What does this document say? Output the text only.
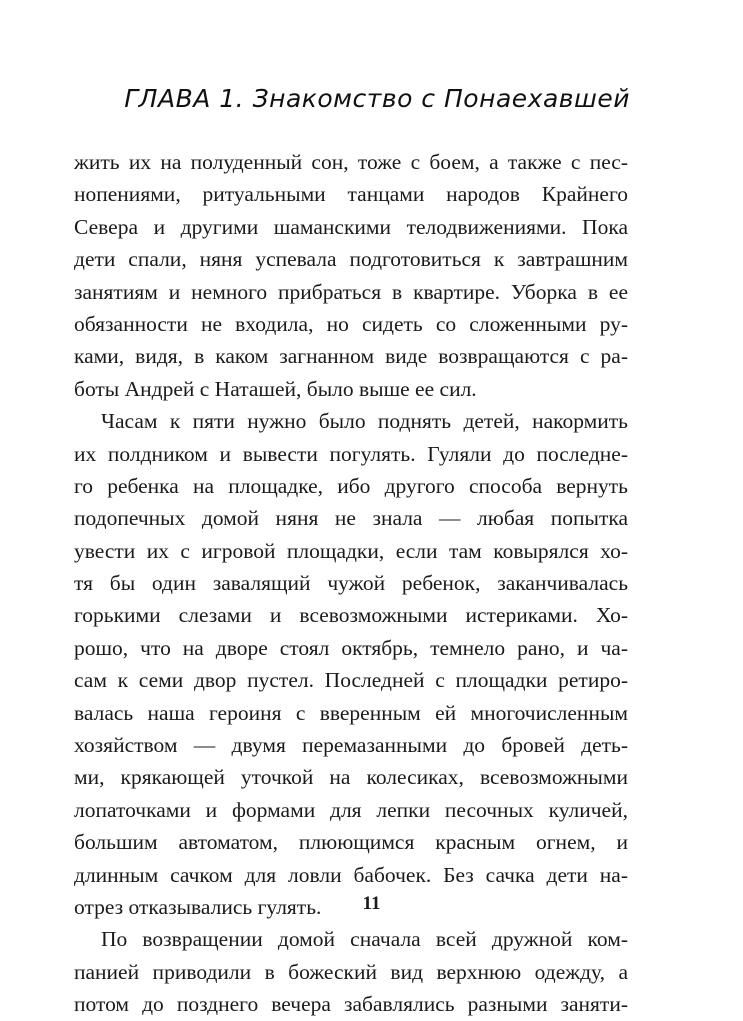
ГЛАВА 1. Знакомство с Понаехавшей
жить их на полуденный сон, тоже с боем, а также с пес-
нопениями, ритуальными танцами народов Крайнего
Севера и другими шаманскими телодвижениями. Пока
дети спали, няня успевала подготовиться к завтрашним
занятиям и немного прибраться в квартире. Уборка в ее
обязанности не входила, но сидеть со сложенными ру-
ками, видя, в каком загнанном виде возвращаются с ра-
боты Андрей с Наташей, было выше ее сил.
Часам к пяти нужно было поднять детей, накормить
их полдником и вывести погулять. Гуляли до последне-
го ребенка на площадке, ибо другого способа вернуть
подопечных домой няня не знала — любая попытка
увести их с игровой площадки, если там ковырялся хо-
тя бы один завалящий чужой ребенок, заканчивалась
горькими слезами и всевозможными истериками. Хо-
рошо, что на дворе стоял октябрь, темнело рано, и ча-
сам к семи двор пустел. Последней с площадки ретиро-
валась наша героиня с вверенным ей многочисленным
хозяйством — двумя перемазанными до бровей деть-
ми, крякающей уточкой на колесиках, всевозможными
лопаточками и формами для лепки песочных куличей,
большим автоматом, плюющимся красным огнем, и
длинным сачком для ловли бабочек. Без сачка дети на-
отрез отказывались гулять.
По возвращении домой сначала всей дружной ком-
панией приводили в божеский вид верхнюю одежду, а
потом до позднего вечера забавлялись разными заняти-
11
